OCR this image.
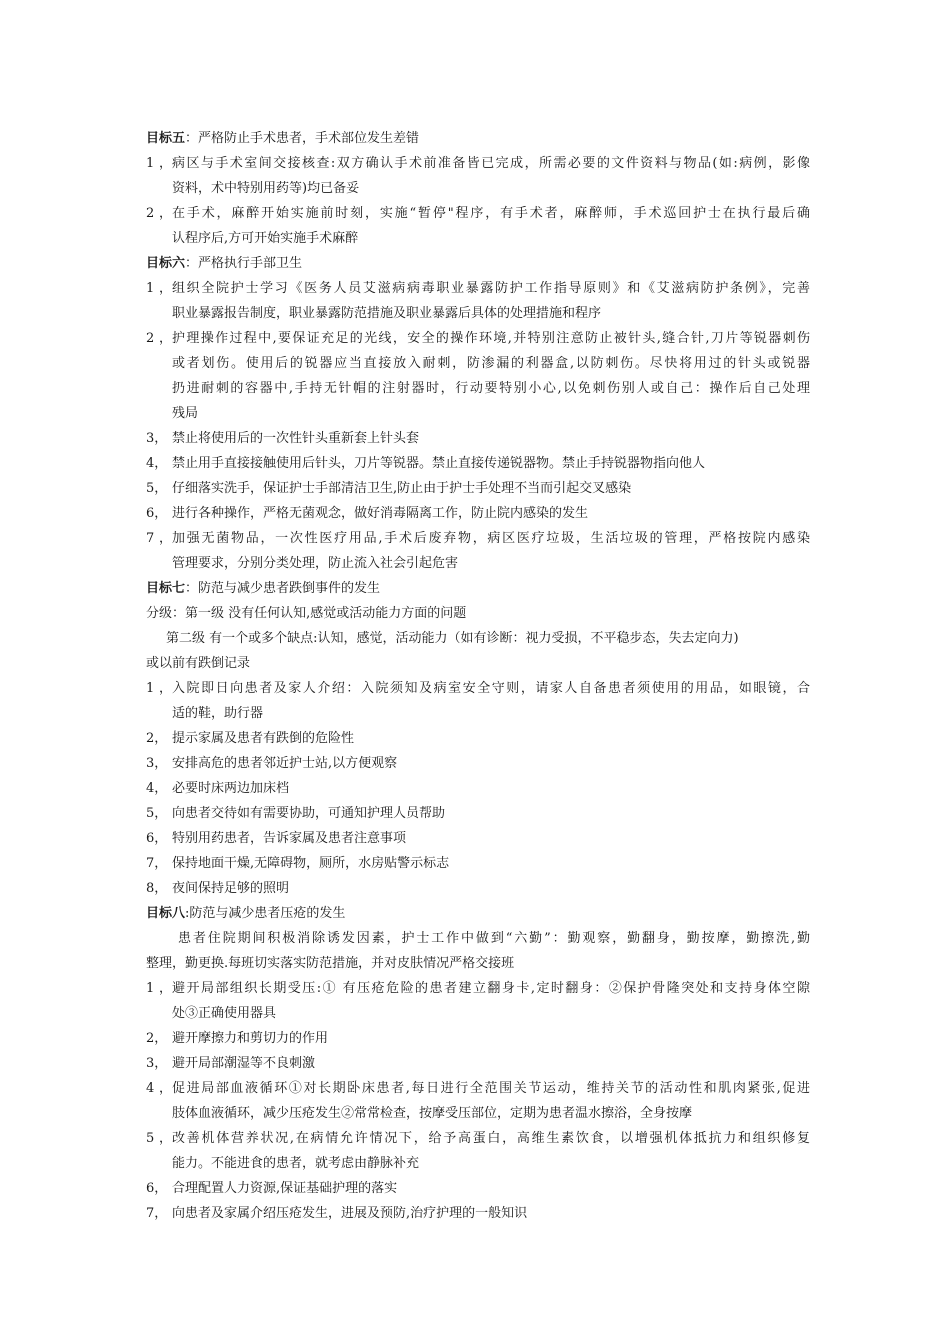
目标五：严格防止手术患者，手术部位发生差错
1， 病区与手术室间交接核查:双方确认手术前准备皆已完成，所需必要的文件资料与物品(如:病例，影像
资料，术中特别用药等)均已备妥
2， 在手术，麻醉开始实施前时刻，实施“暂停"程序，有手术者，麻醉师，手术巡回护士在执行最后确
认程序后,方可开始实施手术麻醉
目标六：严格执行手部卫生
1， 组织全院护士学习《医务人员艾滋病病毒职业暴露防护工作指导原则》和《艾滋病防护条例》，完善
职业暴露报告制度，职业暴露防范措施及职业暴露后具体的处理措施和程序
2， 护理操作过程中,要保证充足的光线，安全的操作环境,并特别注意防止被针头,缝合针,刀片等锐器刺伤
或者划伤。使用后的锐器应当直接放入耐刺，防渗漏的利器盒,以防刺伤。尽快将用过的针头或锐器
扔进耐刺的容器中,手持无针帽的注射器时，行动要特别小心,以免刺伤别人或自己：操作后自己处理
残局
3， 禁止将使用后的一次性针头重新套上针头套
4， 禁止用手直接接触使用后针头，刀片等锐器。禁止直接传递锐器物。禁止手持锐器物指向他人
5， 仔细落实洗手，保证护士手部清洁卫生,防止由于护士手处理不当而引起交叉感染
6， 进行各种操作，严格无菌观念，做好消毒隔离工作，防止院内感染的发生
7， 加强无菌物品，一次性医疗用品,手术后废弃物，病区医疗垃圾，生活垃圾的管理，严格按院内感染
管理要求，分别分类处理，防止流入社会引起危害
目标七：防范与减少患者跌倒事件的发生
分级：第一级 没有任何认知,感觉或活动能力方面的问题
第二级 有一个或多个缺点:认知，感觉，活动能力（如有诊断：视力受损，不平稳步态，失去定向力)
或以前有跌倒记录
1， 入院即日向患者及家人介绍：入院须知及病室安全守则，请家人自备患者须使用的用品，如眼镜，合
适的鞋，助行器
2， 提示家属及患者有跌倒的危险性
3， 安排高危的患者邻近护士站,以方便观察
4， 必要时床两边加床档
5， 向患者交待如有需要协助，可通知护理人员帮助
6， 特别用药患者，告诉家属及患者注意事项
7， 保持地面干燥,无障碍物，厕所，水房贴警示标志
8， 夜间保持足够的照明
目标八:防范与减少患者压疮的发生
患者住院期间积极消除诱发因素，护士工作中做到“六勤”：勤观察，勤翻身，勤按摩，勤擦洗,勤
整理，勤更换.每班切实落实防范措施，并对皮肤情况严格交接班
1， 避开局部组织长期受压:① 有压疮危险的患者建立翻身卡,定时翻身：②保护骨隆突处和支持身体空隙
处③正确使用器具
2， 避开摩擦力和剪切力的作用
3， 避开局部潮湿等不良刺激
4， 促进局部血液循环①对长期卧床患者,每日进行全范围关节运动，维持关节的活动性和肌肉紧张,促进
肢体血液循环，减少压疮发生②常常检查，按摩受压部位，定期为患者温水擦浴，全身按摩
5， 改善机体营养状况,在病情允许情况下，给予高蛋白，高维生素饮食，以增强机体抵抗力和组织修复
能力。不能进食的患者，就考虑由静脉补充
6， 合理配置人力资源,保证基础护理的落实
7， 向患者及家属介绍压疮发生，进展及预防,治疗护理的一般知识
